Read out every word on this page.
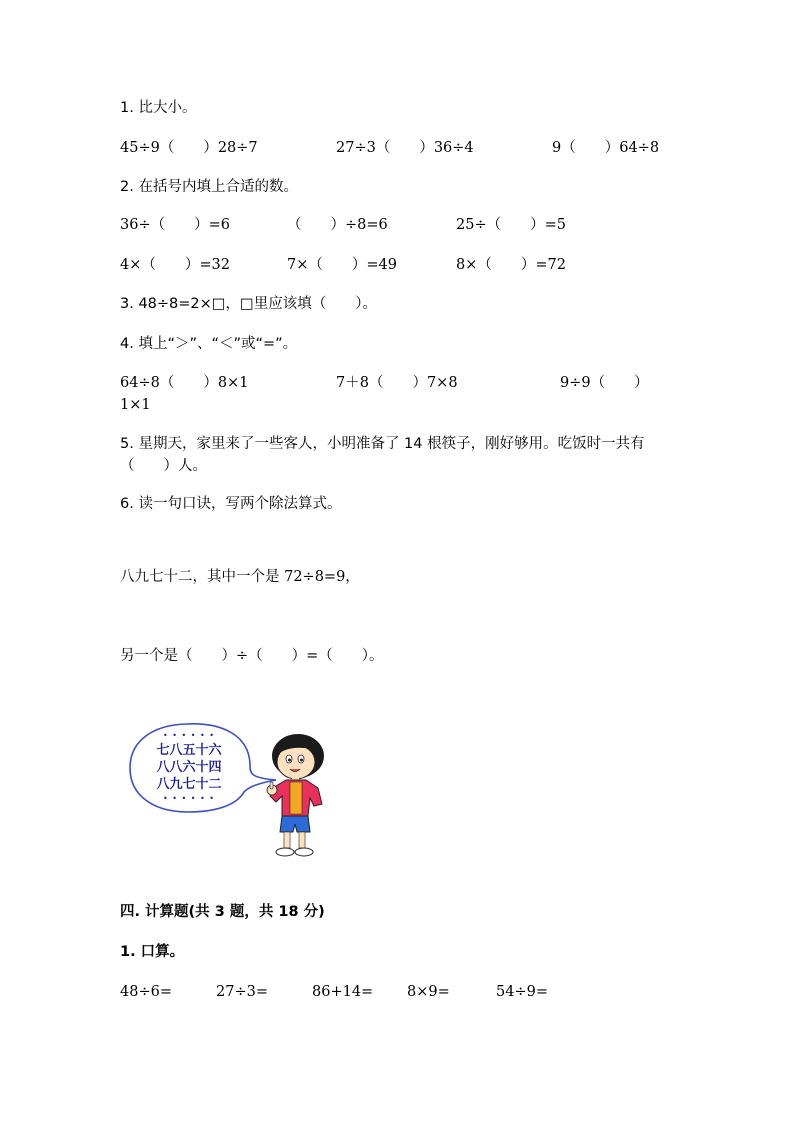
1. 比大小。
45÷9（　　）28÷7	27÷3（　　）36÷4	9（　　）64÷8
2. 在括号内填上合适的数。
36÷（　　）=6	（　　）÷8=6	25÷（　　）=5
4×（　　）=32	7×（　　）=49	8×（　　）=72
3. 48÷8=2×□，□里应该填（　　）。
4. 填上“＞”、“＜”或“=”。
64÷8（　　）8×1	7＋8（　　）7×8	9÷9（　　）
1×1
5. 星期天，家里来了一些客人，小明准备了 14 根筷子，刚好够用。吃饭时一共有（　　）人。
6. 读一句口诀，写两个除法算式。
八九七十二，其中一个是 72÷8=9，
另一个是（　　）÷（　　）=（　　）。
• • • • • •
七八五十六
八八六十四
八九七十二
• • • • • •
四. 计算题(共 3 题，共 18 分)
1. 口算。
48÷6=	27÷3=	86+14= 8×9=	54÷9=
